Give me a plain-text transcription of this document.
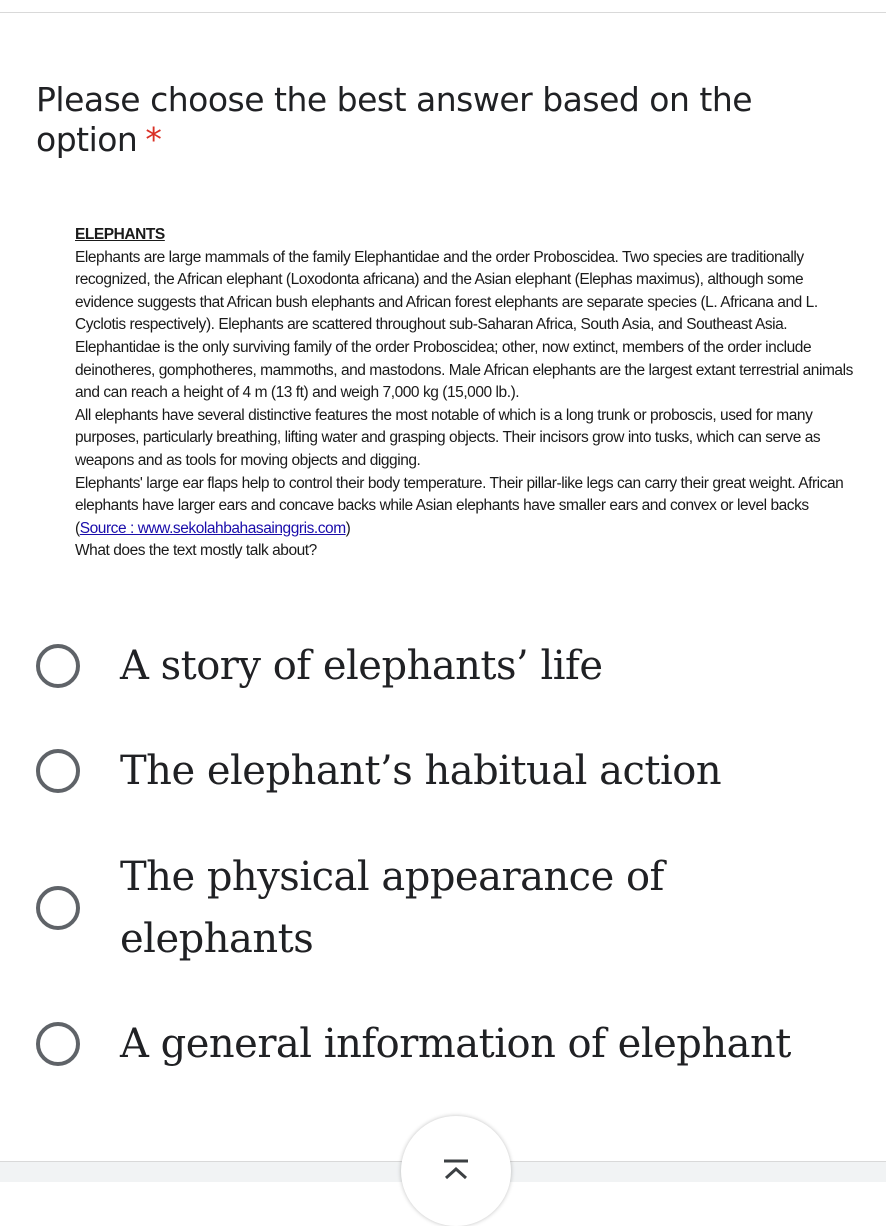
Please choose the best answer based on the option *

ELEPHANTS

Elephants are large mammals of the family Elephantidae and the order Proboscidea. Two species are traditionally recognized, the African elephant (Loxodonta africana) and the Asian elephant (Elephas maximus), although some evidence suggests that African bush elephants and African forest elephants are separate species (L. Africana and L. Cyclotis respectively). Elephants are scattered throughout sub-Saharan Africa, South Asia, and Southeast Asia. Elephantidae is the only surviving family of the order Proboscidea; other, now extinct, members of the order include deinotheres, gomphotheres, mammoths, and mastodons. Male African elephants are the largest extant terrestrial animals and can reach a height of 4 m (13 ft) and weigh 7,000 kg (15,000 lb.).

All elephants have several distinctive features the most notable of which is a long trunk or proboscis, used for many purposes, particularly breathing, lifting water and grasping objects. Their incisors grow into tusks, which can serve as weapons and as tools for moving objects and digging.

Elephants' large ear flaps help to control their body temperature. Their pillar-like legs can carry their great weight. African elephants have larger ears and concave backs while Asian elephants have smaller ears and convex or level backs

(Source : www.sekolahbahasainggris.com)

What does the text mostly talk about?

A story of elephants’ life
The elephant’s habitual action
The physical appearance of elephants
A general information of elephant
